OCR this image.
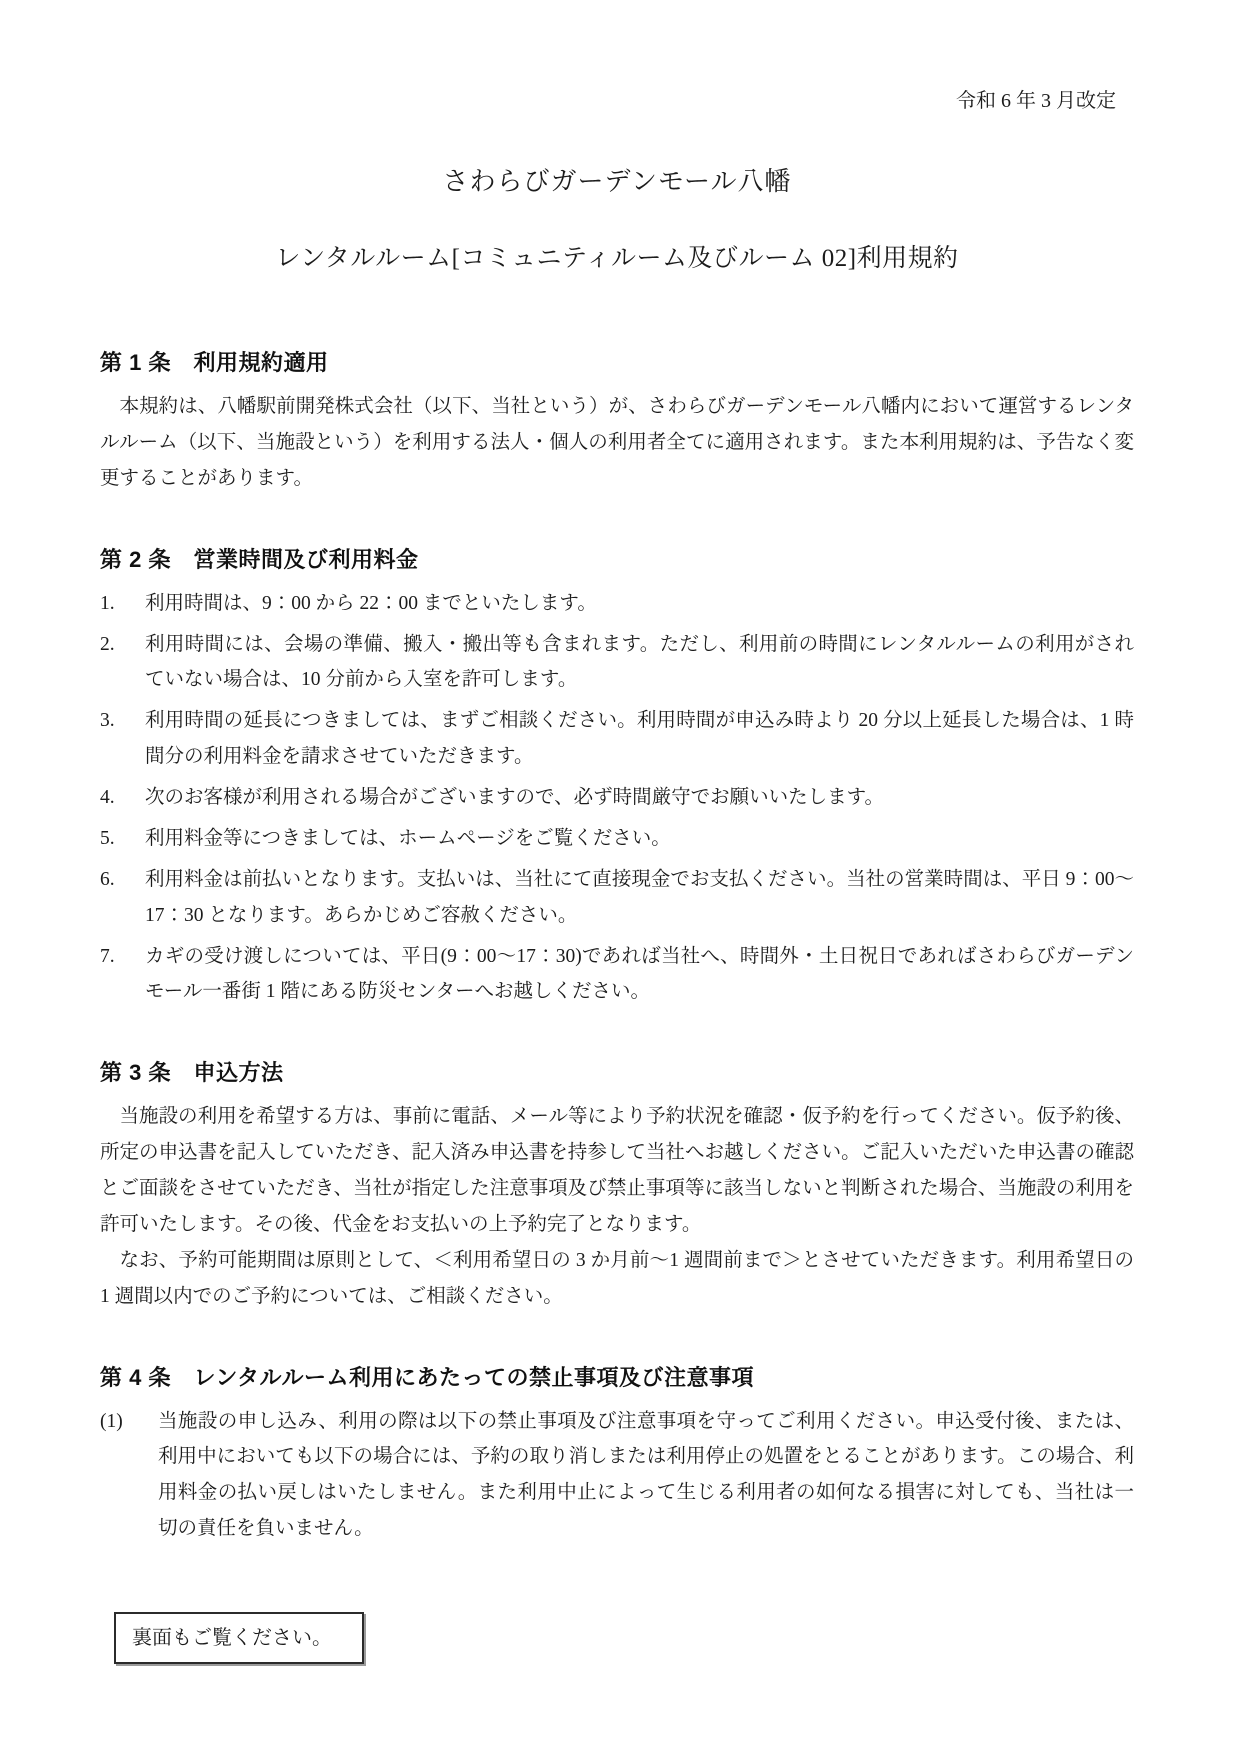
令和 6 年 3 月改定
さわらびガーデンモール八幡
レンタルルーム[コミュニティルーム及びルーム 02]利用規約
第 1 条　利用規約適用

本規約は、八幡駅前開発株式会社（以下、当社という）が、さわらびガーデンモール八幡内において運営するレンタルルーム（以下、当施設という）を利用する法人・個人の利用者全てに適用されます。また本利用規約は、予告なく変更することがあります。

第 2 条　営業時間及び利用料金
1.	利用時間は、9：00 から 22：00 までといたします。

2.	利用時間には、会場の準備、搬入・搬出等も含まれます。ただし、利用前の時間にレンタルルームの利用がされていない場合は、10 分前から入室を許可します。

3.	利用時間の延長につきましては、まずご相談ください。利用時間が申込み時より 20 分以上延長した場合は、1 時間分の利用料金を請求させていただきます。

4.	次のお客様が利用される場合がございますので、必ず時間厳守でお願いいたします。

5.	利用料金等につきましては、ホームページをご覧ください。

6.	利用料金は前払いとなります。支払いは、当社にて直接現金でお支払ください。当社の営業時間は、平日 9：00～17：30 となります。あらかじめご容赦ください。

7.	カギの受け渡しについては、平日(9：00～17：30)であれば当社へ、時間外・土日祝日であればさわらびガーデンモール一番街 1 階にある防災センターへお越しください。

第 3 条　申込方法

当施設の利用を希望する方は、事前に電話、メール等により予約状況を確認・仮予約を行ってください。仮予約後、所定の申込書を記入していただき、記入済み申込書を持参して当社へお越しください。ご記入いただいた申込書の確認とご面談をさせていただき、当社が指定した注意事項及び禁止事項等に該当しないと判断された場合、当施設の利用を許可いたします。その後、代金をお支払いの上予約完了となります。

なお、予約可能期間は原則として、＜利用希望日の 3 か月前～1 週間前まで＞とさせていただきます。利用希望日の 1 週間以内でのご予約については、ご相談ください。

第 4 条　レンタルルーム利用にあたっての禁止事項及び注意事項
(1)	当施設の申し込み、利用の際は以下の禁止事項及び注意事項を守ってご利用ください。申込受付後、または、利用中においても以下の場合には、予約の取り消しまたは利用停止の処置をとることがあります。この場合、利用料金の払い戻しはいたしません。また利用中止によって生じる利用者の如何なる損害に対しても、当社は一切の責任を負いません。

裏面もご覧ください。
